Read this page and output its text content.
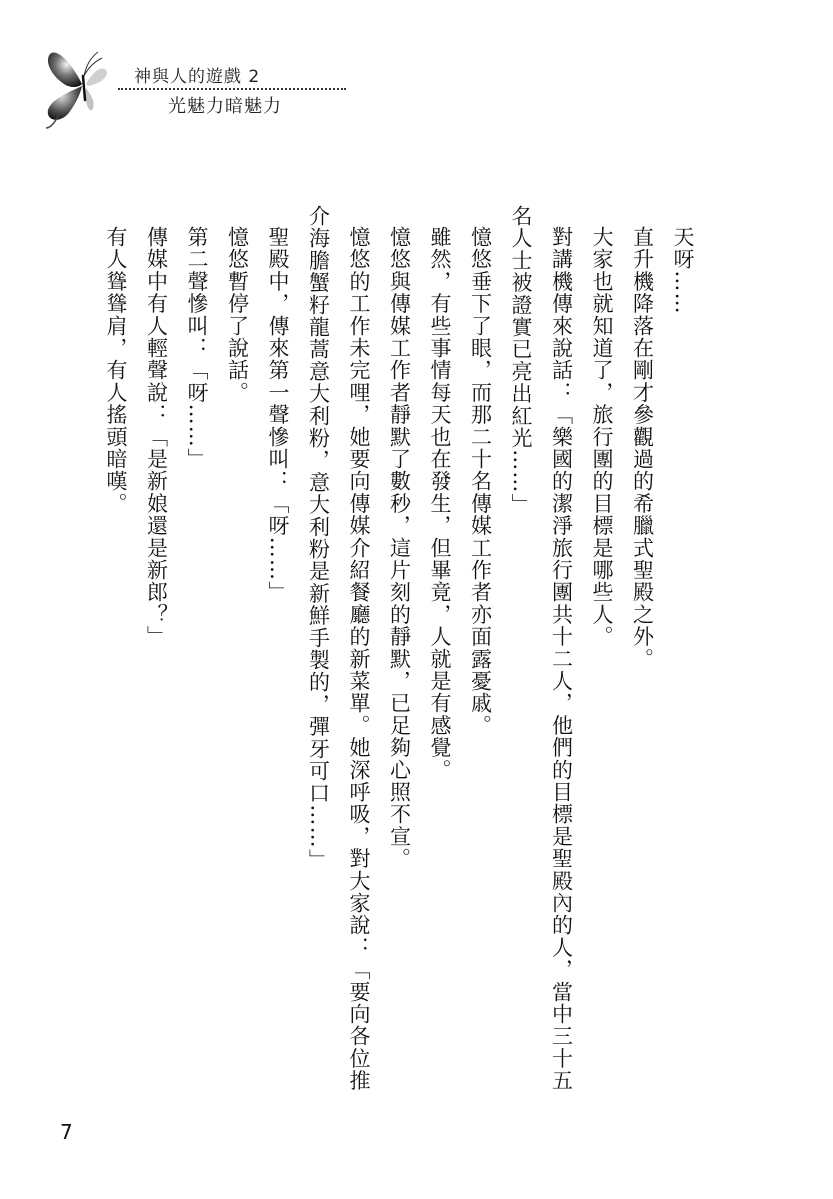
神與人的遊戲 2
光魅力暗魅力

天呀……

直升機降落在剛才參觀過的希臘式聖殿之外。

大家也就知道了，旅行團的目標是哪些人。

對講機傳來說話：「樂國的潔淨旅行團共十二人，他們的目標是聖殿內的人，當中三十五名人士被證實已亮出紅光……」

憶悠垂下了眼，而那二十名傳媒工作者亦面露憂戚。

雖然，有些事情每天也在發生，但畢竟，人就是有感覺。

憶悠與傳媒工作者靜默了數秒，這片刻的靜默，已足夠心照不宣。

憶悠的工作未完哩，她要向傳媒介紹餐廳的新菜單。她深呼吸，對大家說：「要向各位推介海膽蟹籽龍蒿意大利粉，意大利粉是新鮮手製的，彈牙可口……」

聖殿中，傳來第一聲慘叫：「呀……」

憶悠暫停了說話。

第二聲慘叫：「呀……」

傳媒中有人輕聲說：「是新娘還是新郎？」

有人聳聳肩，有人搖頭暗嘆。

7
